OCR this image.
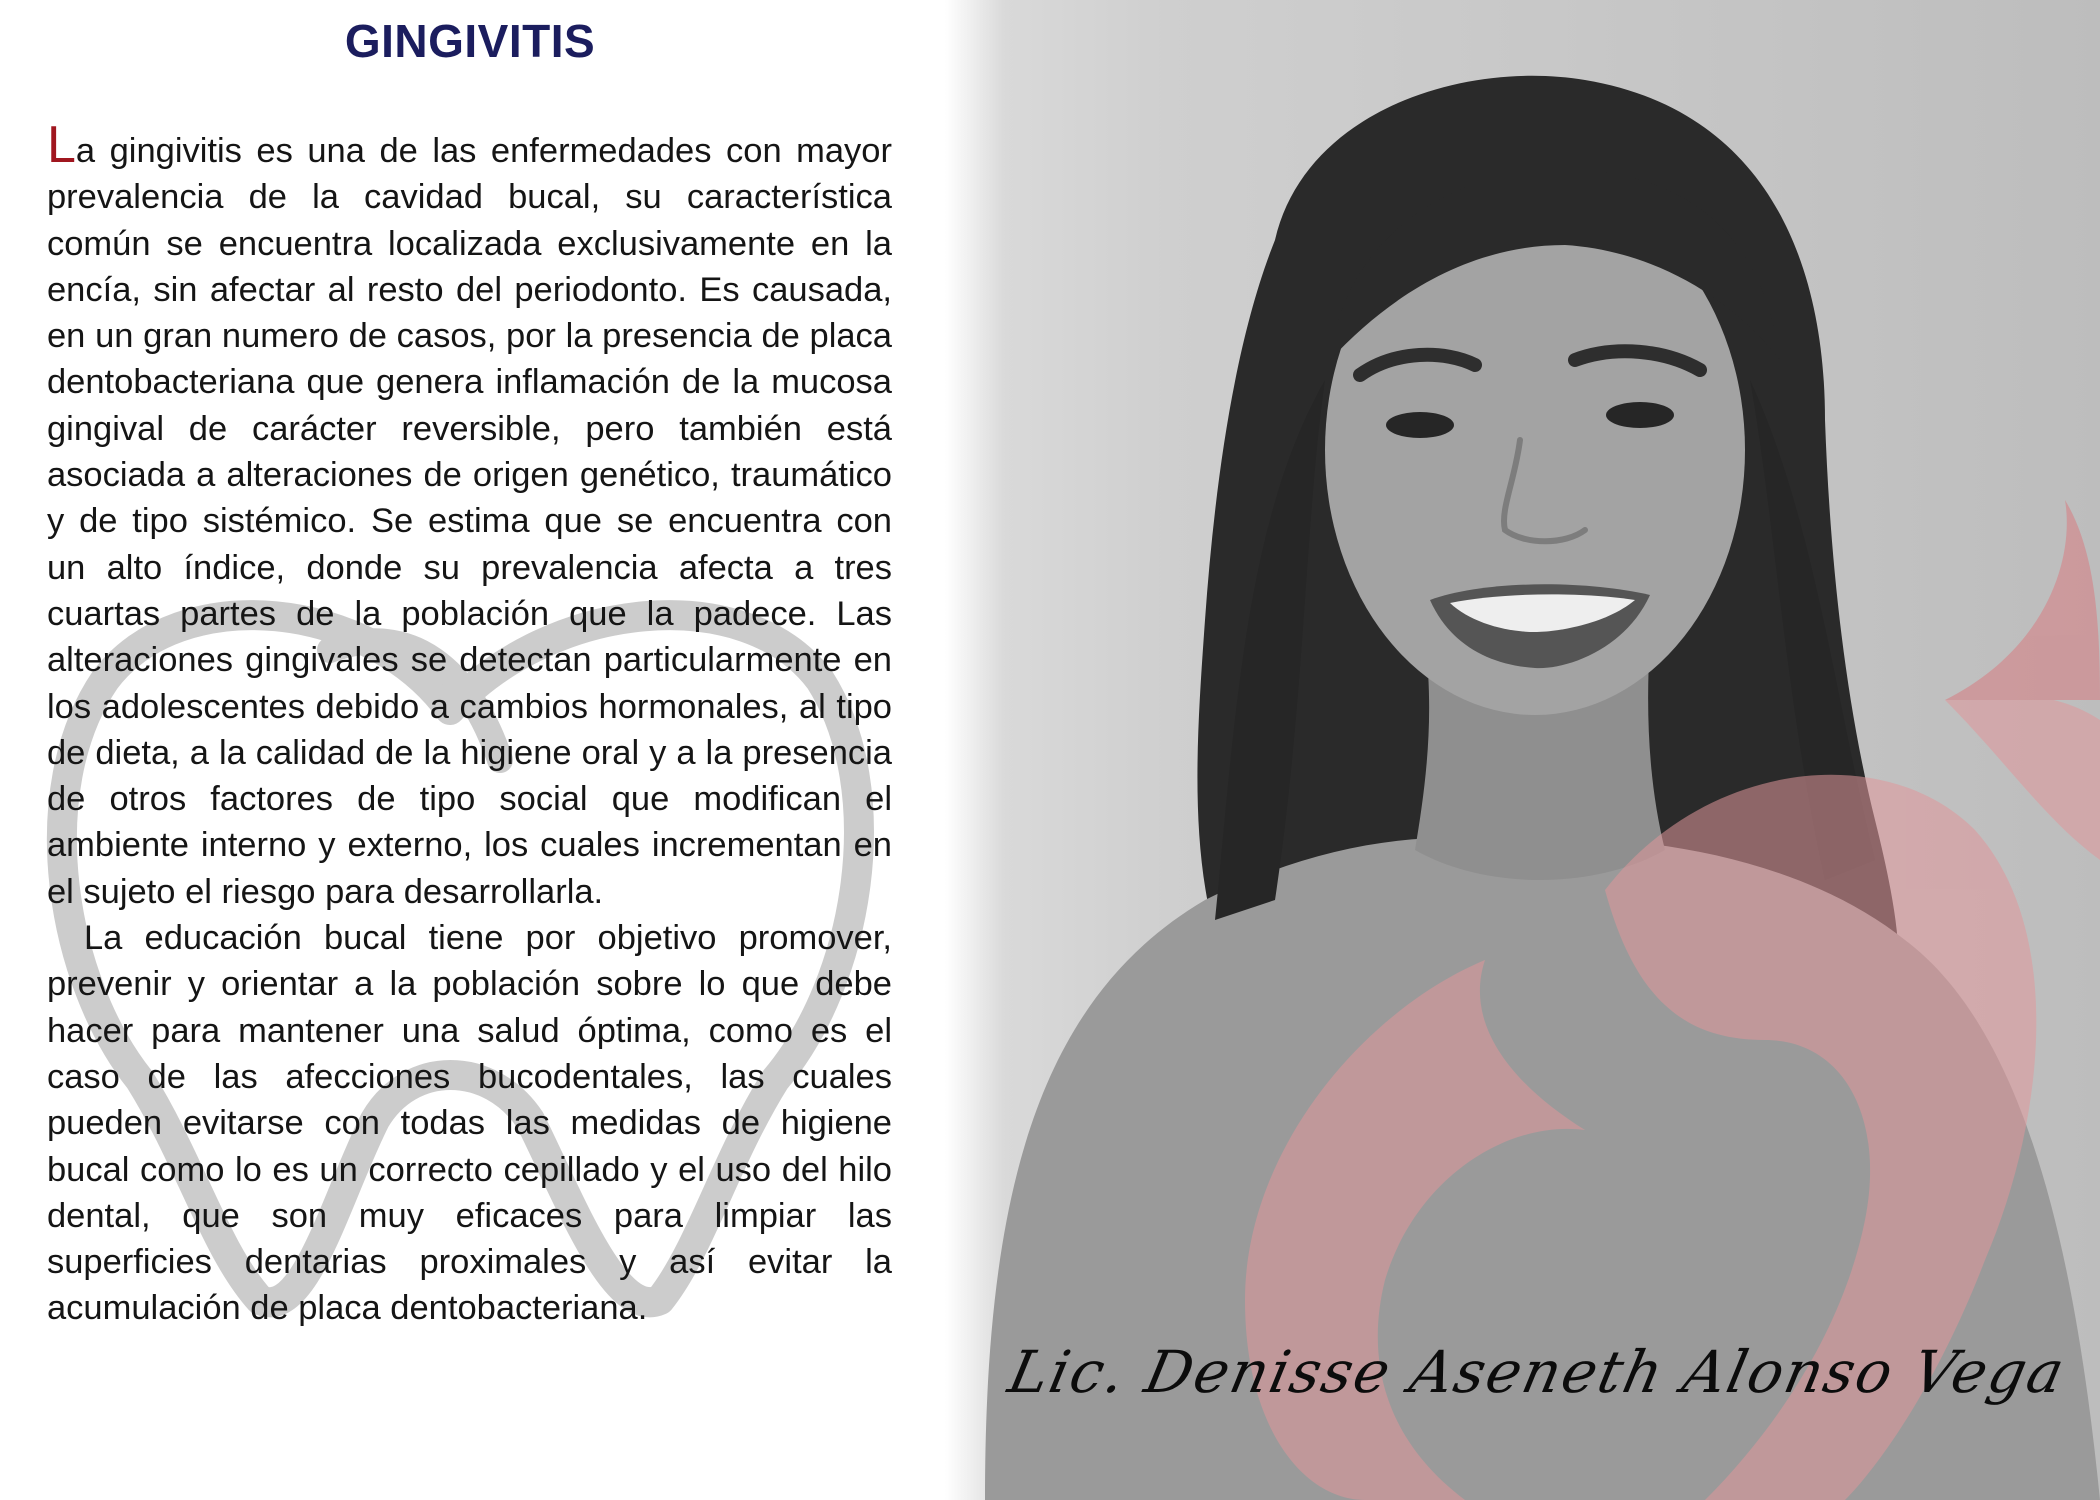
GINGIVITIS

La gingivitis es una de las enfermedades con mayor prevalencia de la cavidad bucal, su característica común se encuentra localizada exclusivamente en la encía, sin afectar al resto del periodonto. Es causada, en un gran numero de casos, por la presencia de placa dentobacteriana que genera inflamación de la mucosa gingival de carácter reversible, pero también está asociada a alteraciones de origen genético, traumático y de tipo sistémico. Se estima que se encuentra con un alto índice, donde su prevalencia afecta a tres cuartas partes de la población que la padece. Las alteraciones gingivales se detectan particularmente en los adolescentes debido a cambios hormonales, al tipo de dieta, a la calidad de la higiene oral y a la presencia de otros factores de tipo social que modifican el ambiente interno y externo, los cuales incrementan en el sujeto el riesgo para desarrollarla.

La educación bucal tiene por objetivo promover, prevenir y orientar a la población sobre lo que debe hacer para mantener una salud óptima, como es el caso de las afecciones bucodentales, las cuales pueden evitarse con todas las medidas de higiene bucal como lo es un correcto cepillado y el uso del hilo dental, que son muy eficaces para limpiar las superficies dentarias proximales y así evitar la acumulación de placa dentobacteriana.

Lic. Denisse Aseneth Alonso Vega
